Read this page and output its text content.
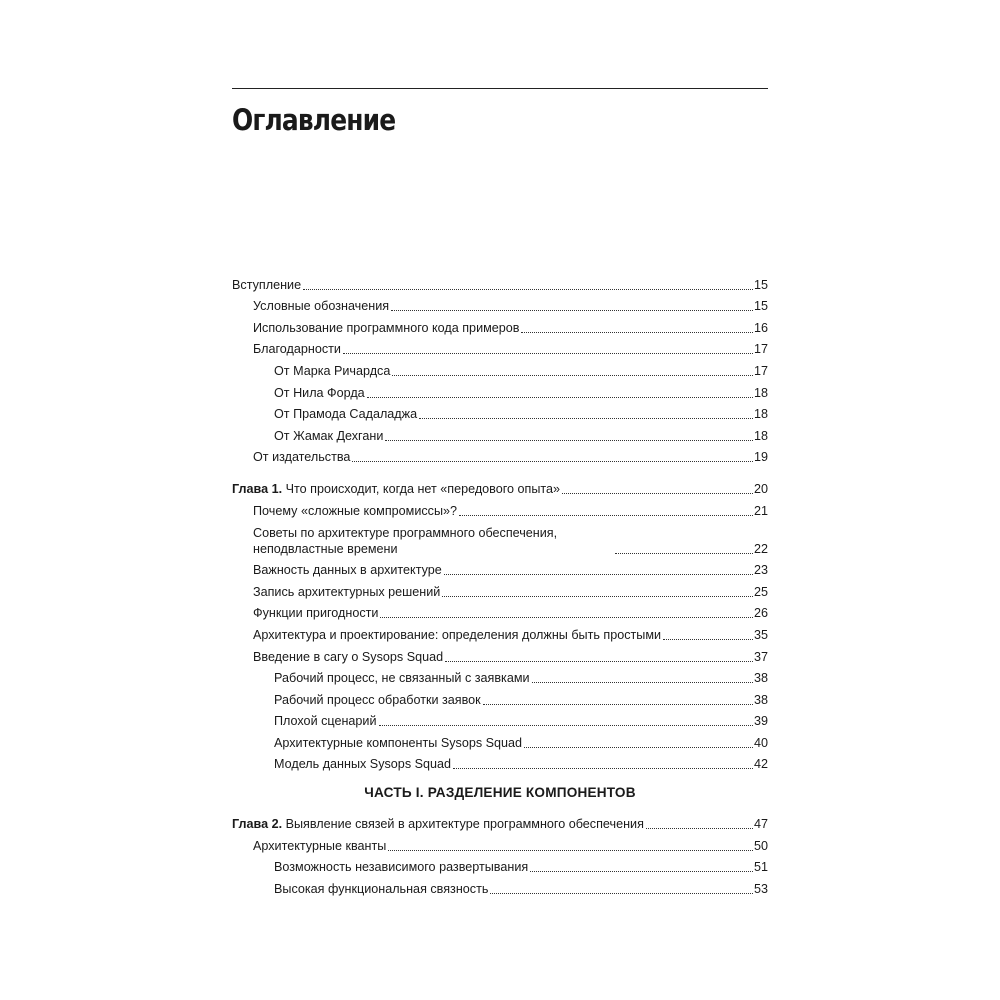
Оглавление
Вступление	15
Условные обозначения	15
Использование программного кода примеров	16
Благодарности	17
От Марка Ричардса	17
От Нила Форда	18
От Прамода Садаладжа	18
От Жамак Дехгани	18
От издательства	19
Глава 1. Что происходит, когда нет «передового опыта»	20
Почему «сложные компромиссы»?	21
Советы по архитектуре программного обеспечения, неподвластные времени	22
Важность данных в архитектуре	23
Запись архитектурных решений	25
Функции пригодности	26
Архитектура и проектирование: определения должны быть простыми	35
Введение в сагу о Sysops Squad	37
Рабочий процесс, не связанный с заявками	38
Рабочий процесс обработки заявок	38
Плохой сценарий	39
Архитектурные компоненты Sysops Squad	40
Модель данных Sysops Squad	42
ЧАСТЬ I. РАЗДЕЛЕНИЕ КОМПОНЕНТОВ
Глава 2. Выявление связей в архитектуре программного обеспечения	47
Архитектурные кванты	50
Возможность независимого развертывания	51
Высокая функциональная связность	53
